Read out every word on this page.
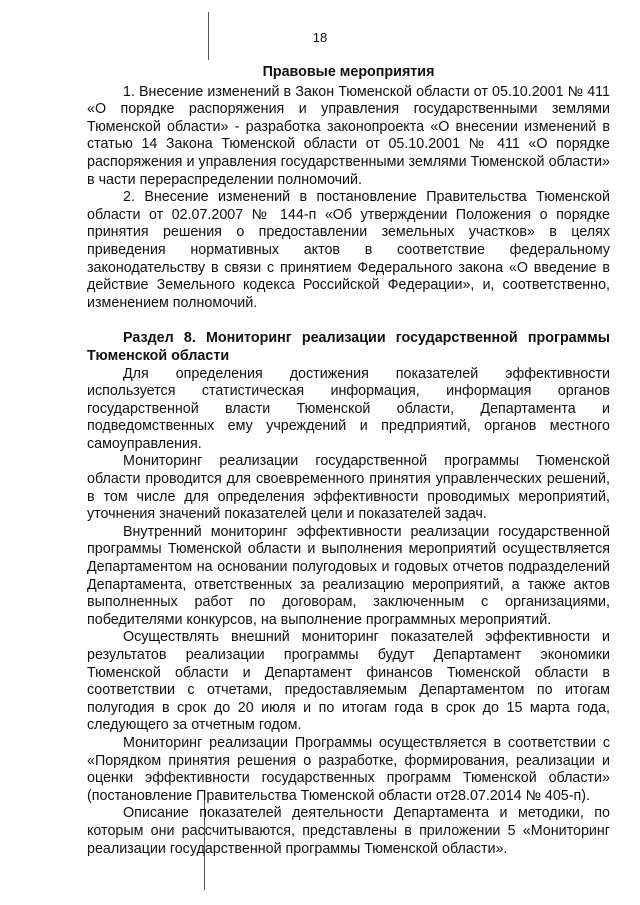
18
Правовые мероприятия

1. Внесение изменений в Закон Тюменской области от 05.10.2001 № 411 «О порядке распоряжения и управления государственными землями Тюменской области» - разработка законопроекта «О внесении изменений в статью 14 Закона Тюменской области от 05.10.2001 № 411 «О порядке распоряжения и управления государственными землями Тюменской области» в части перераспределении полномочий.

2. Внесение изменений в постановление Правительства Тюменской области от 02.07.2007 № 144-п «Об утверждении Положения о порядке принятия решения о предоставлении земельных участков» в целях приведения нормативных актов в соответствие федеральному законодательству в связи с принятием Федерального закона «О введение в действие Земельного кодекса Российской Федерации», и, соответственно, изменением полномочий.

Раздел 8. Мониторинг реализации государственной программы Тюменской области

Для определения достижения показателей эффективности используется статистическая информация, информация органов государственной власти Тюменской области, Департамента и подведомственных ему учреждений и предприятий, органов местного самоуправления.

Мониторинг реализации государственной программы Тюменской области проводится для своевременного принятия управленческих решений, в том числе для определения эффективности проводимых мероприятий, уточнения значений показателей цели и показателей задач.

Внутренний мониторинг эффективности реализации государственной программы Тюменской области и выполнения мероприятий осуществляется Департаментом на основании полугодовых и годовых отчетов подразделений Департамента, ответственных за реализацию мероприятий, а также актов выполненных работ по договорам, заключенным с организациями, победителями конкурсов, на выполнение программных мероприятий.

Осуществлять внешний мониторинг показателей эффективности и результатов реализации программы будут Департамент экономики Тюменской области и Департамент финансов Тюменской области в соответствии с отчетами, предоставляемым Департаментом по итогам полугодия в срок до 20 июля и по итогам года в срок до 15 марта года, следующего за отчетным годом.

Мониторинг реализации Программы осуществляется в соответствии с «Порядком принятия решения о разработке, формирования, реализации и оценки эффективности государственных программ Тюменской области» (постановление Правительства Тюменской области от28.07.2014 № 405-п).

Описание показателей деятельности Департамента и методики, по которым они рассчитываются, представлены в приложении 5 «Мониторинг реализации государственной программы Тюменской области».
